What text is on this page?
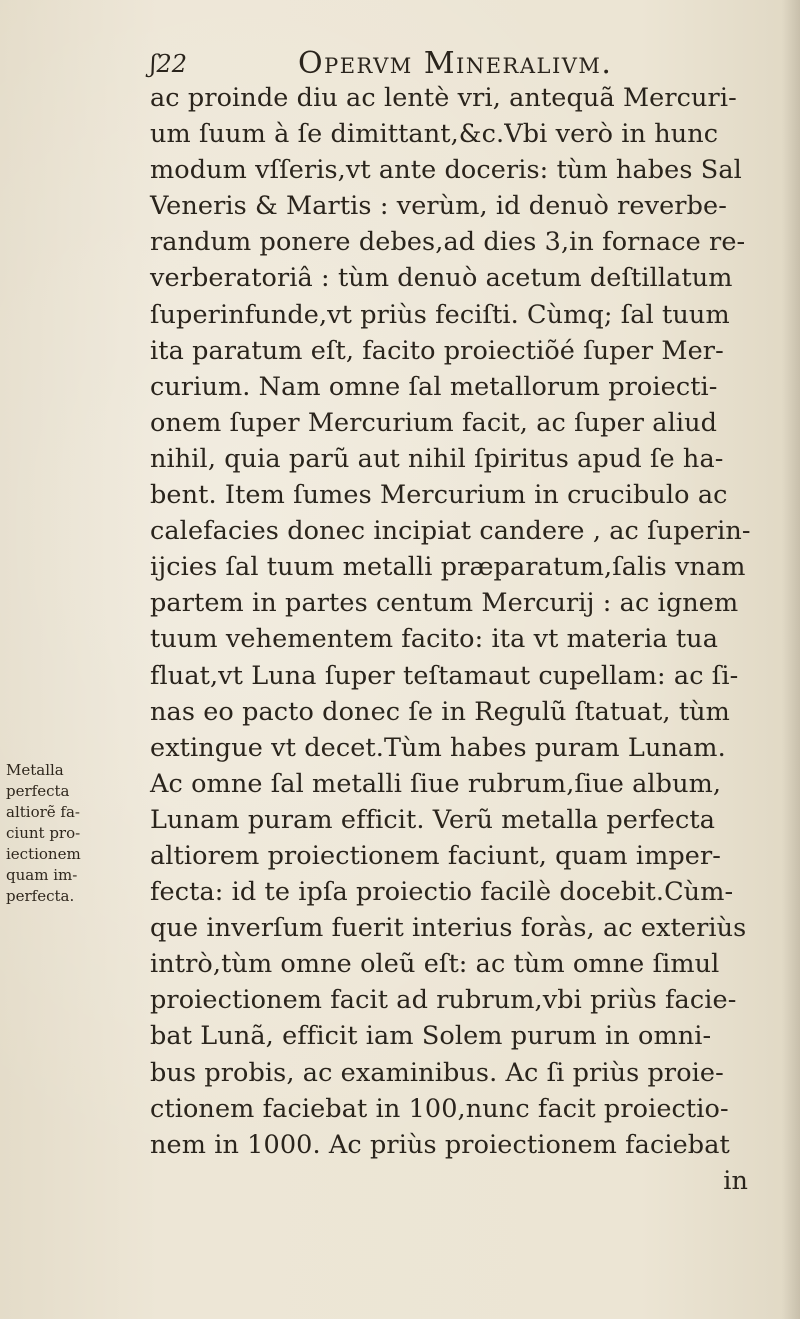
ʃ22	Opervm Mineralivm.
Metalla
perfecta
altiorẽ fa-
ciunt pro-
iectionem
quam im-
perfecta.
ac proinde diu ac lentè vri, antequã Mercuri-
um ſuum à ſe dimittant,&c.Vbi verò in hunc
modum vſſeris,vt ante doceris: tùm habes Sal
Veneris & Martis : verùm, id denuò reverbe-
randum ponere debes,ad dies 3,in fornace re-
verberatoriâ : tùm denuò acetum deſtillatum
ſuperinfunde,vt priùs feciſti. Cùmq; ſal tuum
ita paratum eſt, facito proiectiõé ſuper Mer-
curium. Nam omne ſal metallorum proiecti-
onem ſuper Mercurium facit, ac ſuper aliud
nihil, quia parũ aut nihil ſpiritus apud ſe ha-
bent. Item ſumes Mercurium in crucibulo ac
calefacies donec incipiat candere , ac ſuperin-
ijcies ſal tuum metalli præparatum,ſalis vnam
partem in partes centum Mercurij : ac ignem
tuum vehementem facito: ita vt materia tua
fluat,vt Luna ſuper teſtamaut cupellam: ac ſi-
nas eo pacto donec ſe in Regulũ ſtatuat, tùm
extingue vt decet.Tùm habes puram Lunam.
Ac omne ſal metalli ſiue rubrum,ſiue album,
Lunam puram efficit. Verũ metalla perfecta
altiorem proiectionem faciunt, quam imper-
fecta: id te ipſa proiectio facilè docebit.Cùm-
que inverſum fuerit interius foràs, ac exteriùs
intrò,tùm omne oleũ eſt: ac tùm omne ſimul
proiectionem facit ad rubrum,vbi priùs facie-
bat Lunã, efficit iam Solem purum in omni-
bus probis, ac examinibus. Ac ſi priùs proie-
ctionem faciebat in 100,nunc facit proiectio-
nem in 1000. Ac priùs proiectionem faciebat
in
